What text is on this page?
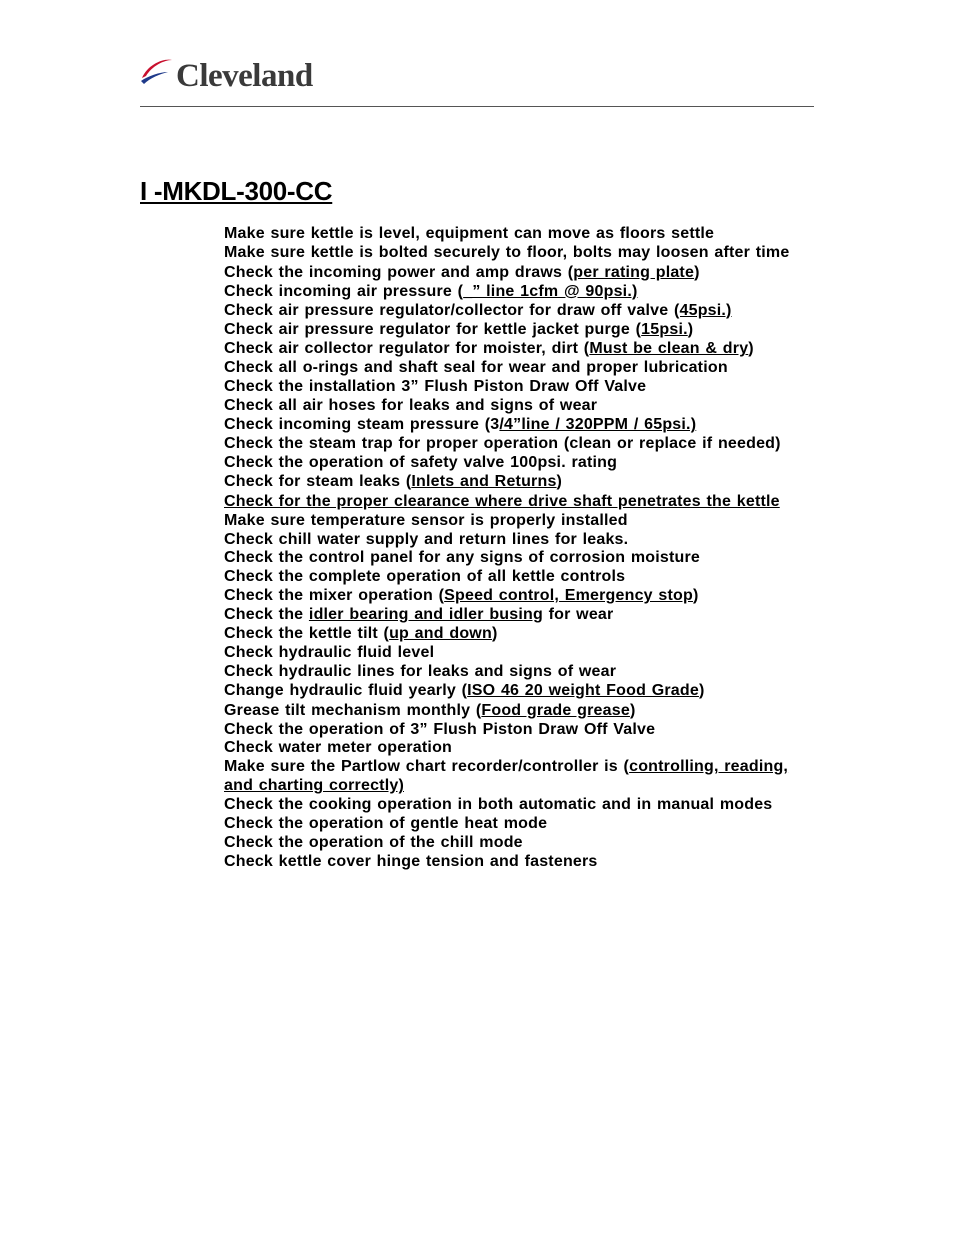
Cleveland
I -MKDL-300-CC
Make sure kettle is level, equipment can move as floors settle
Make sure kettle is bolted securely to floor, bolts may loosen after time
Check the incoming power and amp draws (per rating plate)
Check incoming air pressure (_” line 1cfm @ 90psi.)
Check air pressure regulator/collector for draw off valve (45psi.)
Check air pressure regulator for kettle jacket purge (15psi.)
Check air collector regulator for moister, dirt (Must be clean & dry)
Check all o-rings and shaft seal for wear and proper lubrication
Check the installation 3” Flush Piston Draw Off Valve
Check all air hoses for leaks and signs of wear
Check incoming steam pressure (3/4”line / 320PPM / 65psi.)
Check the steam trap for proper operation (clean or replace if needed)
Check the operation of safety valve 100psi. rating
Check for steam leaks (Inlets and Returns)
Check for the proper clearance where drive shaft penetrates the kettle
Make sure temperature sensor is properly installed
Check chill water supply and return lines for leaks.
Check the control panel for any signs of corrosion moisture
Check the complete operation of all kettle controls
Check the mixer operation (Speed control, Emergency stop)
Check the idler bearing and idler busing for wear
Check the kettle tilt (up and down)
Check hydraulic fluid level
Check hydraulic lines for leaks and signs of wear
Change hydraulic fluid yearly (ISO 46 20 weight Food Grade)
Grease tilt mechanism monthly (Food grade grease)
Check the operation of 3” Flush Piston Draw Off Valve
Check water meter operation
Make sure the Partlow chart recorder/controller is (controlling, reading, and charting correctly)
Check the cooking operation in both automatic and in manual modes
Check the operation of gentle heat mode
Check the operation of the chill mode
Check kettle cover hinge tension and fasteners
